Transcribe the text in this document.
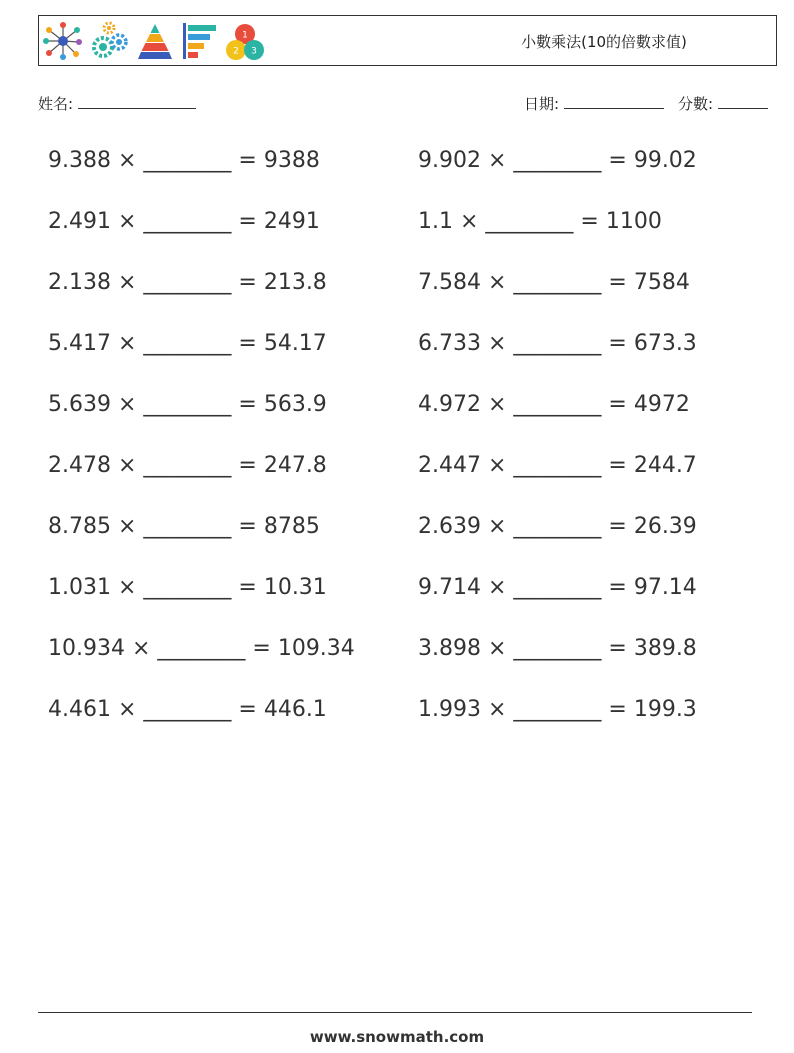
1
2 3
小數乘法(10的倍數求值)
姓名:	日期:	分數:
9.388 × ________ = 9388	9.902 × ________ = 99.02
2.491 × ________ = 2491	1.1 × ________ = 1100
2.138 × ________ = 213.8	7.584 × ________ = 7584
5.417 × ________ = 54.17	6.733 × ________ = 673.3
5.639 × ________ = 563.9	4.972 × ________ = 4972
2.478 × ________ = 247.8	2.447 × ________ = 244.7
8.785 × ________ = 8785	2.639 × ________ = 26.39
1.031 × ________ = 10.31	9.714 × ________ = 97.14
10.934 × ________ = 109.34	3.898 × ________ = 389.8
4.461 × ________ = 446.1	1.993 × ________ = 199.3
www.snowmath.com
